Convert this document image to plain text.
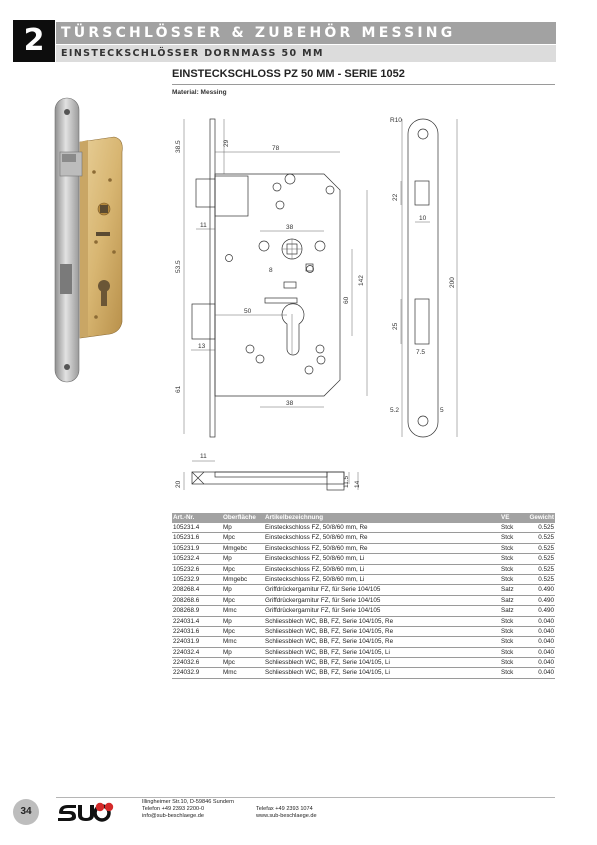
2	TÜRSCHLÖSSER & ZUBEHÖR MESSING
EINSTECKSCHLÖSSER DORNMASS 50 MM
EINSTECKSCHLOSS PZ 50 MM - SERIE 1052
Material: Messing
38.5	29
78
11	38
8
53.5
60
142
50
13
61
38
R10
22
10
200
25
7.5
5.2	5
11
20	11.5 14
Art.-Nr.	Oberfläche	Artikelbezeichnung	VE	Gewicht
105231.4	Mp	Einsteckschloss FZ, 50/8/60 mm, Re	Stck	0.525
105231.6	Mpc	Einsteckschloss FZ, 50/8/60 mm, Re	Stck	0.525
105231.9	Mmgebc	Einsteckschloss FZ, 50/8/60 mm, Re	Stck	0.525
105232.4	Mp	Einsteckschloss FZ, 50/8/60 mm, Li	Stck	0.525
105232.6	Mpc	Einsteckschloss FZ, 50/8/60 mm, Li	Stck	0.525
105232.9	Mmgebc	Einsteckschloss FZ, 50/8/60 mm, Li	Stck	0.525
208268.4	Mp	Griffdrückergarnitur FZ, für Serie 104/105	Satz	0.490
208268.6	Mpc	Griffdrückergarnitur FZ, für Serie 104/105	Satz	0.490
208268.9	Mmc	Griffdrückergarnitur FZ, für Serie 104/105	Satz	0.490
224031.4	Mp	Schliessblech WC, BB, FZ, Serie 104/105, Re	Stck	0.040
224031.6	Mpc	Schliessblech WC, BB, FZ, Serie 104/105, Re	Stck	0.040
224031.9	Mmc	Schliessblech WC, BB, FZ, Serie 104/105, Re	Stck	0.040
224032.4	Mp	Schliessblech WC, BB, FZ, Serie 104/105, Li	Stck	0.040
224032.6	Mpc	Schliessblech WC, BB, FZ, Serie 104/105, Li	Stck	0.040
224032.9	Mmc	Schliessblech WC, BB, FZ, Serie 104/105, Li	Stck	0.040
34
Illingheimer Str.10, D-59846 Sundern
Telefon +49 2393 2200-0	Telefax +49 2393 1074
info@sub-beschlaege.de	www.sub-beschlaege.de
